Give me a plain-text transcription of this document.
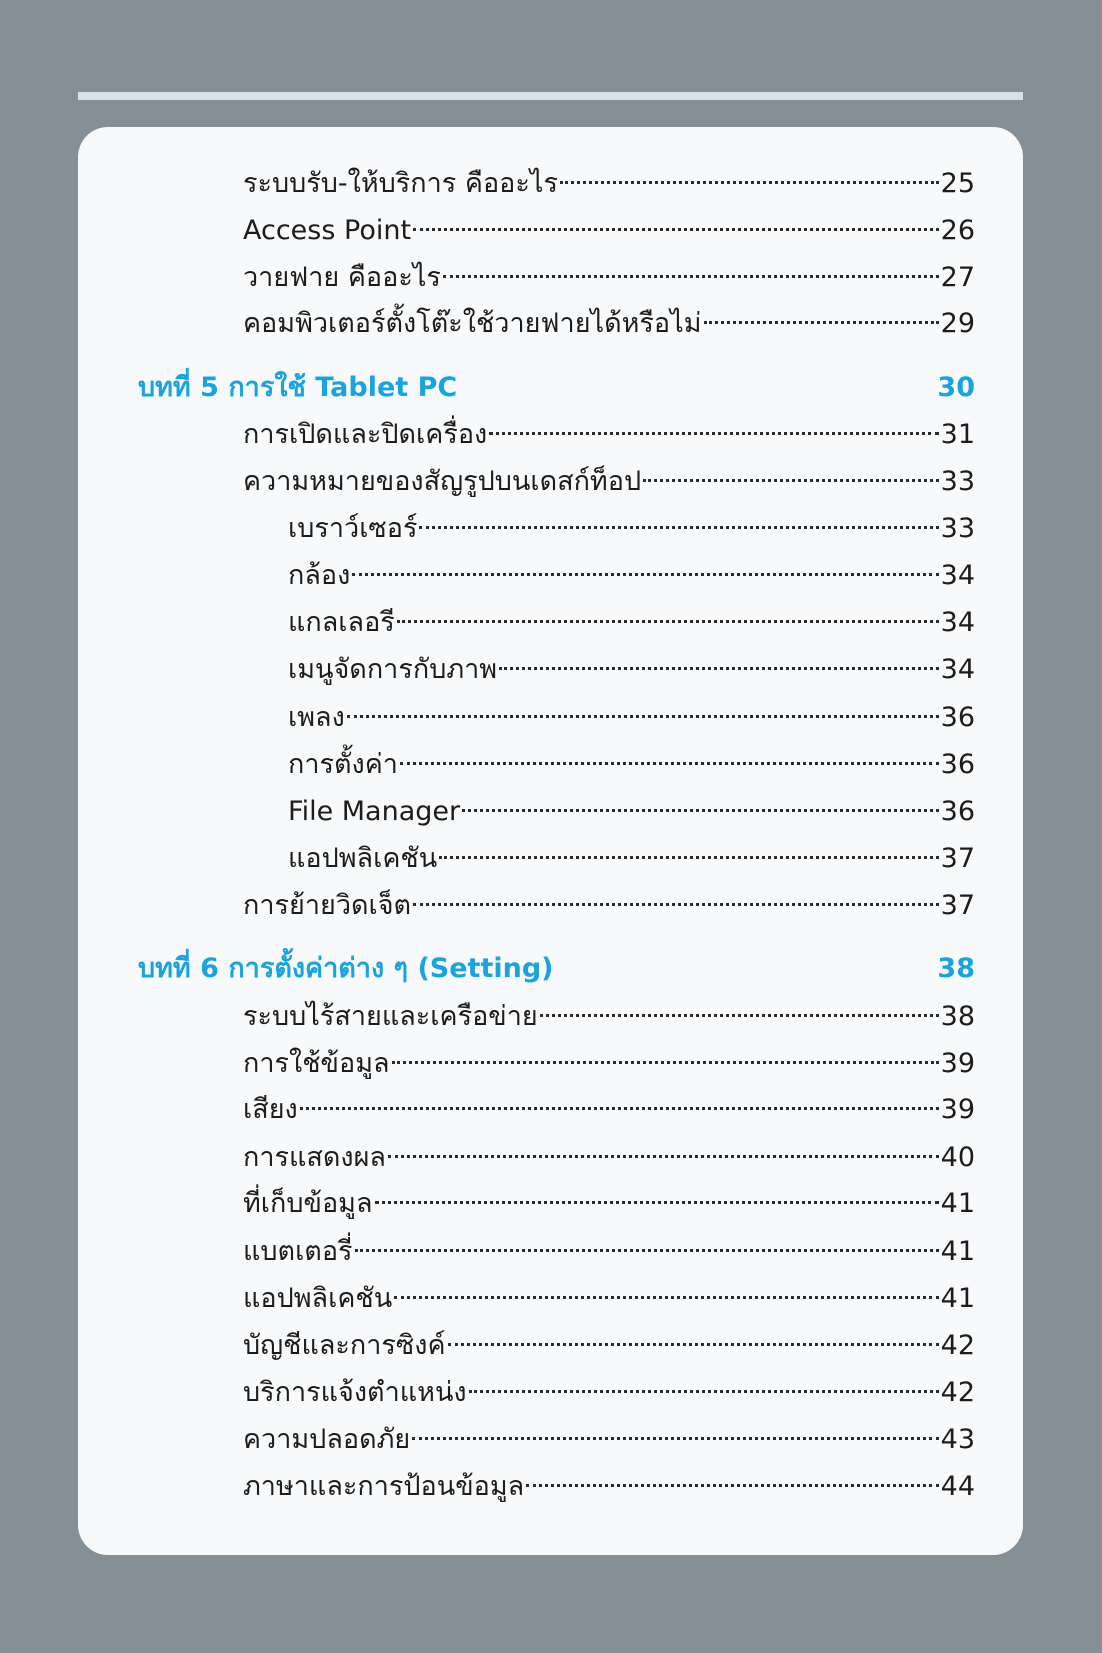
ระบบรับ-ให้บริการ คืออะไร	25
Access Point	26
วายฟาย คืออะไร	27
คอมพิวเตอร์ตั้งโต๊ะใช้วายฟายได้หรือไม่	29
บทที่ 5 การใช้ Tablet PC	30
การเปิดและปิดเครื่อง	31
ความหมายของสัญรูปบนเดสก์ท็อป	33
เบราว์เซอร์	33
กล้อง	34
แกลเลอรี	34
เมนูจัดการกับภาพ	34
เพลง	36
การตั้งค่า	36
File Manager	36
แอปพลิเคชัน	37
การย้ายวิดเจ็ต	37
บทที่ 6 การตั้งค่าต่าง ๆ (Setting)	38
ระบบไร้สายและเครือข่าย	38
การใช้ข้อมูล	39
เสียง	39
การแสดงผล	40
ที่เก็บข้อมูล	41
แบตเตอรี่	41
แอปพลิเคชัน	41
บัญชีและการซิงค์	42
บริการแจ้งตำแหน่ง	42
ความปลอดภัย	43
ภาษาและการป้อนข้อมูล	44
